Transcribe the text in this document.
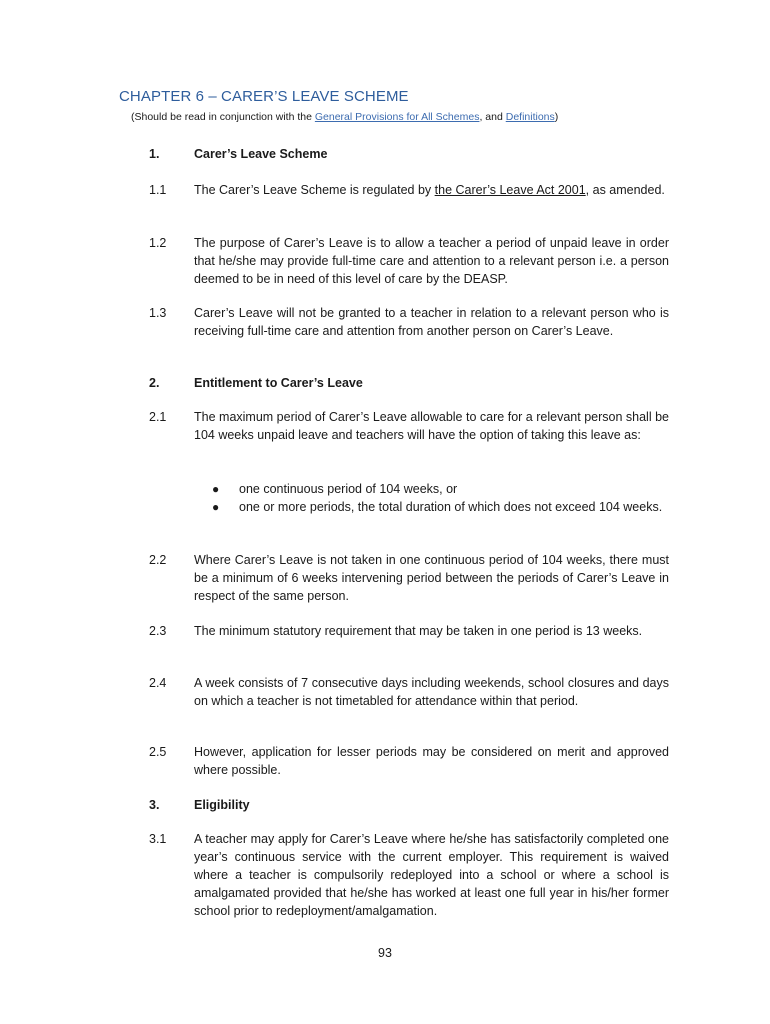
CHAPTER 6 – CARER’S LEAVE SCHEME
(Should be read in conjunction with the General Provisions for All Schemes, and Definitions)
1.	Carer’s Leave Scheme
1.1 The Carer’s Leave Scheme is regulated by the Carer’s Leave Act 2001, as amended.
1.2 The purpose of Carer’s Leave is to allow a teacher a period of unpaid leave in order that he/she may provide full-time care and attention to a relevant person i.e. a person deemed to be in need of this level of care by the DEASP.
1.3 Carer’s Leave will not be granted to a teacher in relation to a relevant person who is receiving full-time care and attention from another person on Carer’s Leave.
2.	Entitlement to Carer’s Leave
2.1 The maximum period of Carer’s Leave allowable to care for a relevant person shall be 104 weeks unpaid leave and teachers will have the option of taking this leave as:
● one continuous period of 104 weeks, or
● one or more periods, the total duration of which does not exceed 104 weeks.
2.2 Where Carer’s Leave is not taken in one continuous period of 104 weeks, there must be a minimum of 6 weeks intervening period between the periods of Carer’s Leave in respect of the same person.
2.3 The minimum statutory requirement that may be taken in one period is 13 weeks.
2.4 A week consists of 7 consecutive days including weekends, school closures and days on which a teacher is not timetabled for attendance within that period.
2.5 However, application for lesser periods may be considered on merit and approved where possible.
3.	Eligibility
3.1 A teacher may apply for Carer’s Leave where he/she has satisfactorily completed one year’s continuous service with the current employer. This requirement is waived where a teacher is compulsorily redeployed into a school or where a school is amalgamated provided that he/she has worked at least one full year in his/her former school prior to redeployment/amalgamation.
93
